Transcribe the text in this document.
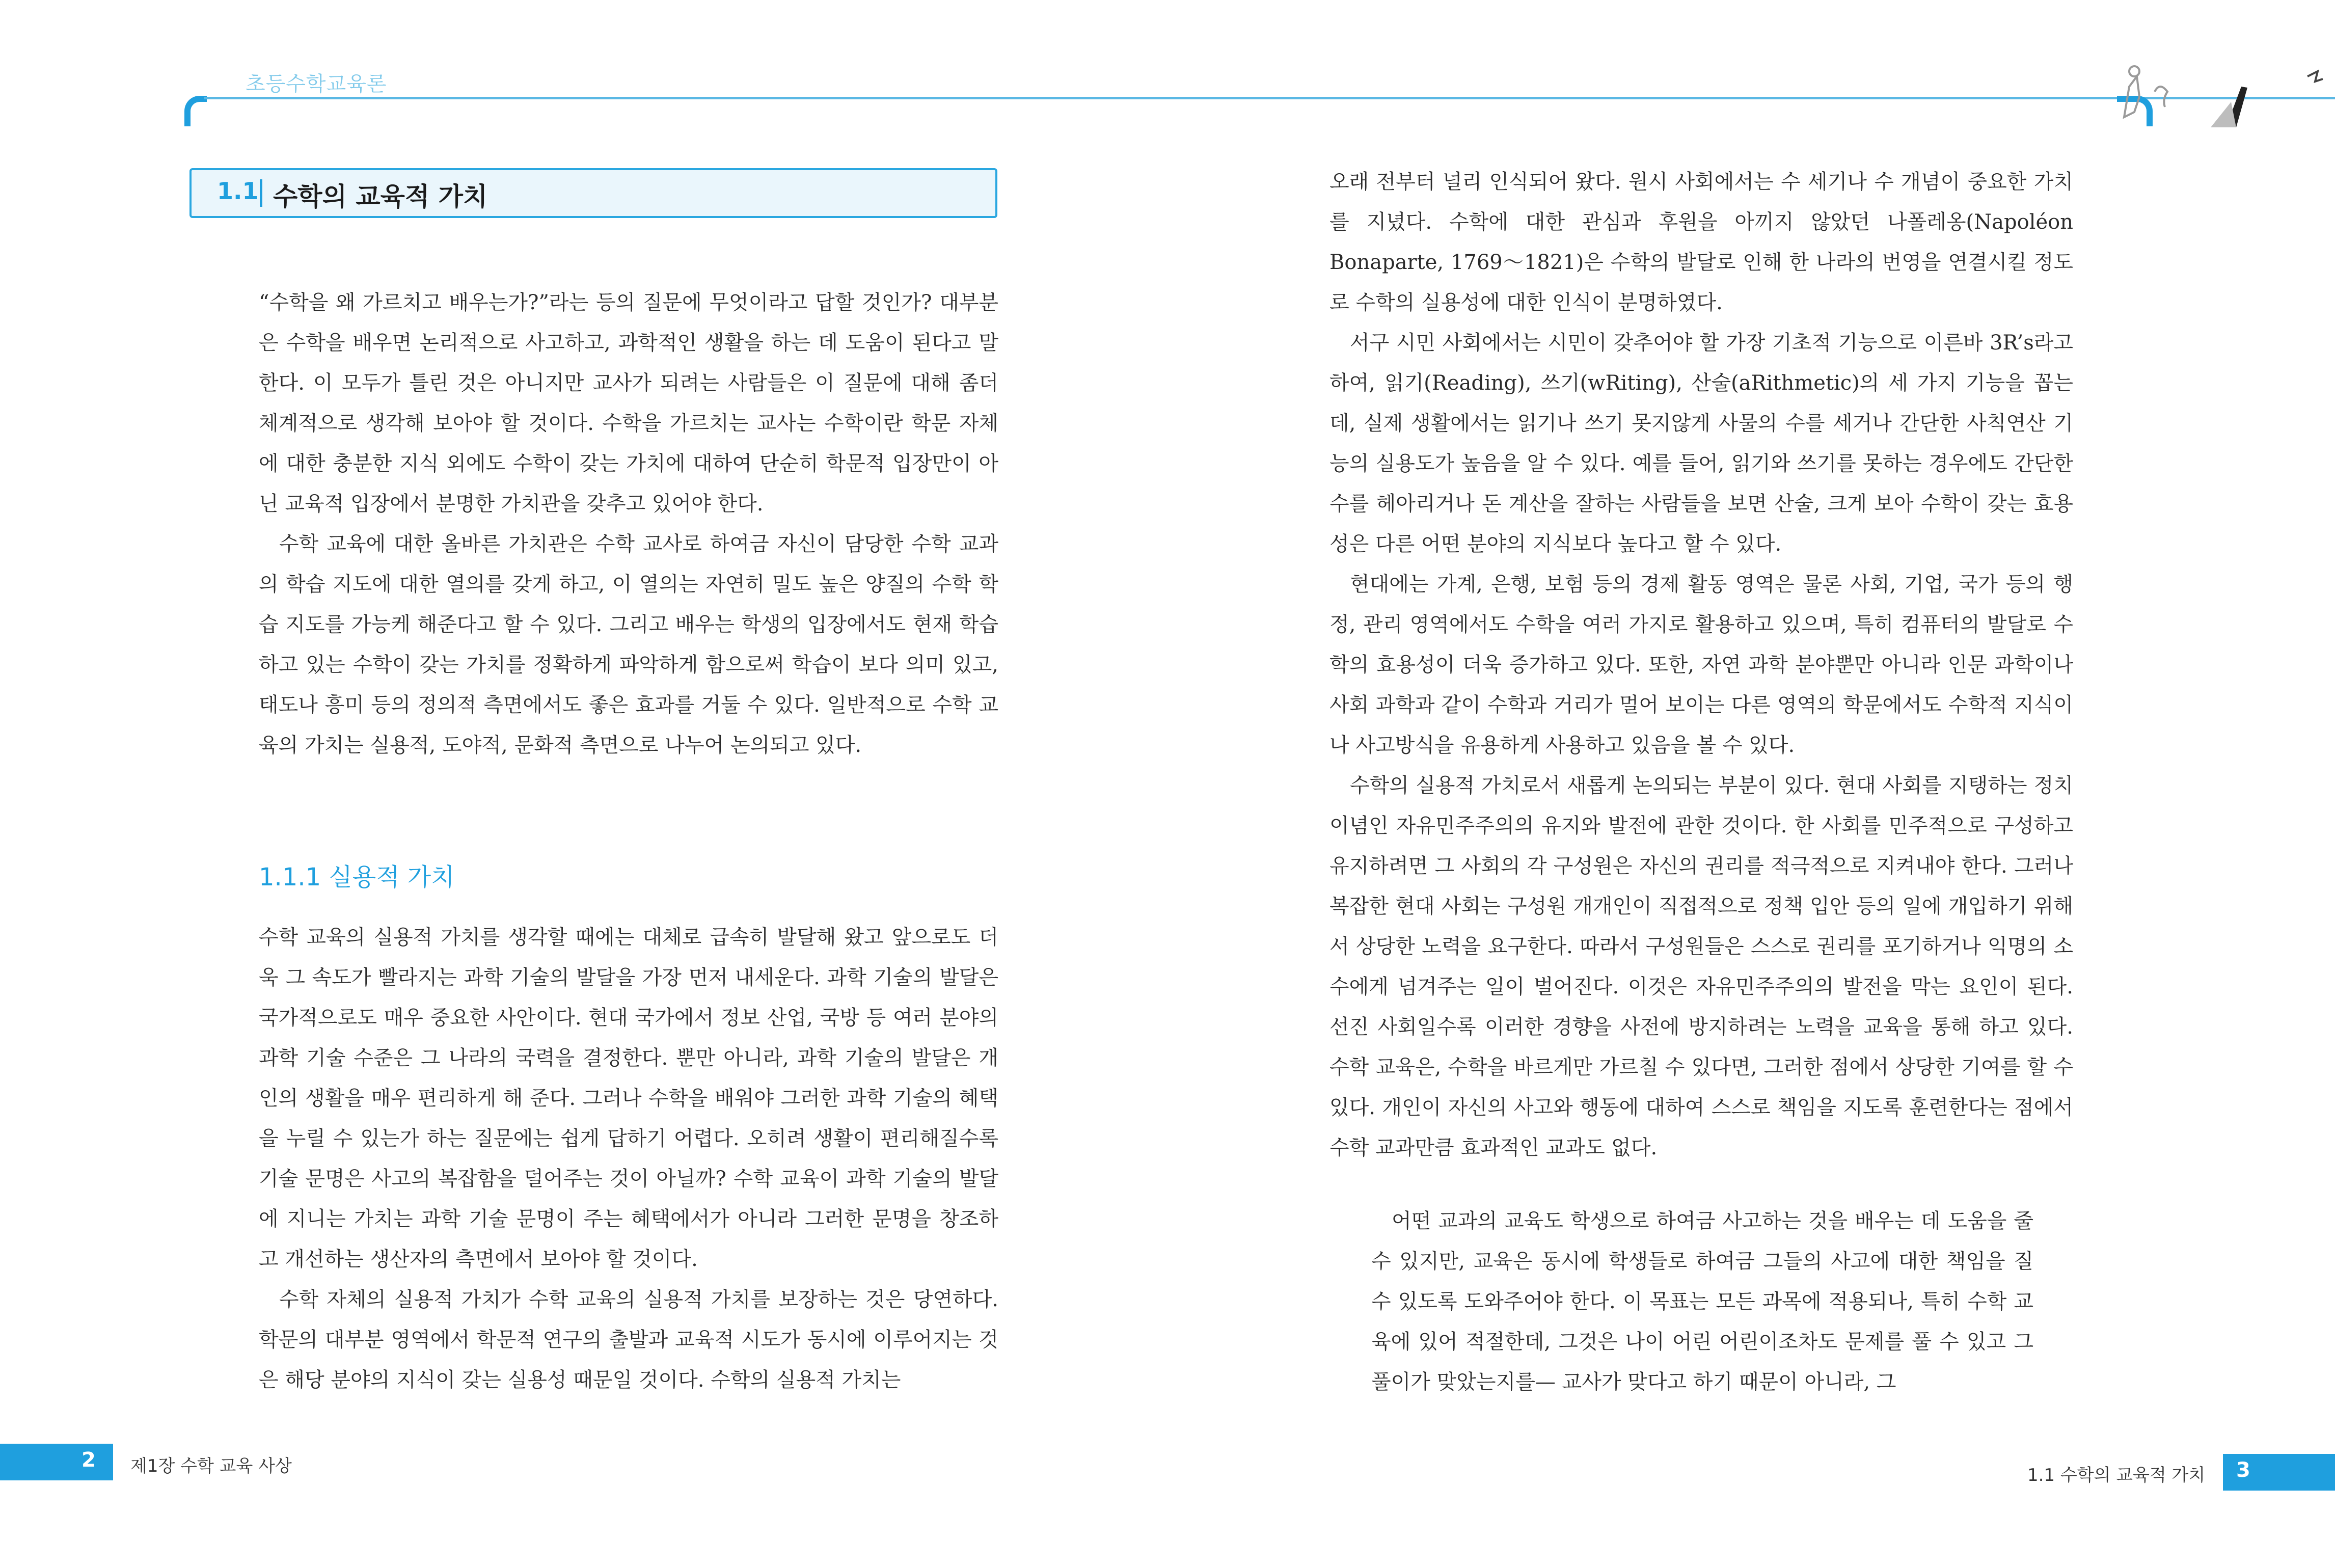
초등수학교육론
1.1 수학의 교육적 가치

“수학을 왜 가르치고 배우는가?”라는 등의 질문에 무엇이라고 답할 것인가? 대부분은 수학을 배우면 논리적으로 사고하고, 과학적인 생활을 하는 데 도움이 된다고 말한다. 이 모두가 틀린 것은 아니지만 교사가 되려는 사람들은 이 질문에 대해 좀더 체계적으로 생각해 보아야 할 것이다. 수학을 가르치는 교사는 수학이란 학문 자체에 대한 충분한 지식 외에도 수학이 갖는 가치에 대하여 단순히 학문적 입장만이 아닌 교육적 입장에서 분명한 가치관을 갖추고 있어야 한다.

수학 교육에 대한 올바른 가치관은 수학 교사로 하여금 자신이 담당한 수학 교과의 학습 지도에 대한 열의를 갖게 하고, 이 열의는 자연히 밀도 높은 양질의 수학 학습 지도를 가능케 해준다고 할 수 있다. 그리고 배우는 학생의 입장에서도 현재 학습하고 있는 수학이 갖는 가치를 정확하게 파악하게 함으로써 학습이 보다 의미 있고, 태도나 흥미 등의 정의적 측면에서도 좋은 효과를 거둘 수 있다. 일반적으로 수학 교육의 가치는 실용적, 도야적, 문화적 측면으로 나누어 논의되고 있다.

1.1.1 실용적 가치

수학 교육의 실용적 가치를 생각할 때에는 대체로 급속히 발달해 왔고 앞으로도 더욱 그 속도가 빨라지는 과학 기술의 발달을 가장 먼저 내세운다. 과학 기술의 발달은 국가적으로도 매우 중요한 사안이다. 현대 국가에서 정보 산업, 국방 등 여러 분야의 과학 기술 수준은 그 나라의 국력을 결정한다. 뿐만 아니라, 과학 기술의 발달은 개인의 생활을 매우 편리하게 해 준다. 그러나 수학을 배워야 그러한 과학 기술의 혜택을 누릴 수 있는가 하는 질문에는 쉽게 답하기 어렵다. 오히려 생활이 편리해질수록 기술 문명은 사고의 복잡함을 덜어주는 것이 아닐까? 수학 교육이 과학 기술의 발달에 지니는 가치는 과학 기술 문명이 주는 혜택에서가 아니라 그러한 문명을 창조하고 개선하는 생산자의 측면에서 보아야 할 것이다.

수학 자체의 실용적 가치가 수학 교육의 실용적 가치를 보장하는 것은 당연하다. 학문의 대부분 영역에서 학문적 연구의 출발과 교육적 시도가 동시에 이루어지는 것은 해당 분야의 지식이 갖는 실용성 때문일 것이다. 수학의 실용적 가치는

오래 전부터 널리 인식되어 왔다. 원시 사회에서는 수 세기나 수 개념이 중요한 가치를 지녔다. 수학에 대한 관심과 후원을 아끼지 않았던 나폴레옹(Napoléon Bonaparte, 1769～1821)은 수학의 발달로 인해 한 나라의 번영을 연결시킬 정도로 수학의 실용성에 대한 인식이 분명하였다.

서구 시민 사회에서는 시민이 갖추어야 할 가장 기초적 기능으로 이른바 3R’s라고 하여, 읽기(Reading), 쓰기(wRiting), 산술(aRithmetic)의 세 가지 기능을 꼽는데, 실제 생활에서는 읽기나 쓰기 못지않게 사물의 수를 세거나 간단한 사칙연산 기능의 실용도가 높음을 알 수 있다. 예를 들어, 읽기와 쓰기를 못하는 경우에도 간단한 수를 헤아리거나 돈 계산을 잘하는 사람들을 보면 산술, 크게 보아 수학이 갖는 효용성은 다른 어떤 분야의 지식보다 높다고 할 수 있다.

현대에는 가계, 은행, 보험 등의 경제 활동 영역은 물론 사회, 기업, 국가 등의 행정, 관리 영역에서도 수학을 여러 가지로 활용하고 있으며, 특히 컴퓨터의 발달로 수학의 효용성이 더욱 증가하고 있다. 또한, 자연 과학 분야뿐만 아니라 인문 과학이나 사회 과학과 같이 수학과 거리가 멀어 보이는 다른 영역의 학문에서도 수학적 지식이나 사고방식을 유용하게 사용하고 있음을 볼 수 있다.

수학의 실용적 가치로서 새롭게 논의되는 부분이 있다. 현대 사회를 지탱하는 정치 이념인 자유민주주의의 유지와 발전에 관한 것이다. 한 사회를 민주적으로 구성하고 유지하려면 그 사회의 각 구성원은 자신의 권리를 적극적으로 지켜내야 한다. 그러나 복잡한 현대 사회는 구성원 개개인이 직접적으로 정책 입안 등의 일에 개입하기 위해서 상당한 노력을 요구한다. 따라서 구성원들은 스스로 권리를 포기하거나 익명의 소수에게 넘겨주는 일이 벌어진다. 이것은 자유민주주의의 발전을 막는 요인이 된다. 선진 사회일수록 이러한 경향을 사전에 방지하려는 노력을 교육을 통해 하고 있다. 수학 교육은, 수학을 바르게만 가르칠 수 있다면, 그러한 점에서 상당한 기여를 할 수 있다. 개인이 자신의 사고와 행동에 대하여 스스로 책임을 지도록 훈련한다는 점에서 수학 교과만큼 효과적인 교과도 없다.

어떤 교과의 교육도 학생으로 하여금 사고하는 것을 배우는 데 도움을 줄 수 있지만, 교육은 동시에 학생들로 하여금 그들의 사고에 대한 책임을 질 수 있도록 도와주어야 한다. 이 목표는 모든 과목에 적용되나, 특히 수학 교육에 있어 적절한데, 그것은 나이 어린 어린이조차도 문제를 풀 수 있고 그 풀이가 맞았는지를— 교사가 맞다고 하기 때문이 아니라, 그

2 제1장 수학 교육 사상	1.1 수학의 교육적 가치 3
